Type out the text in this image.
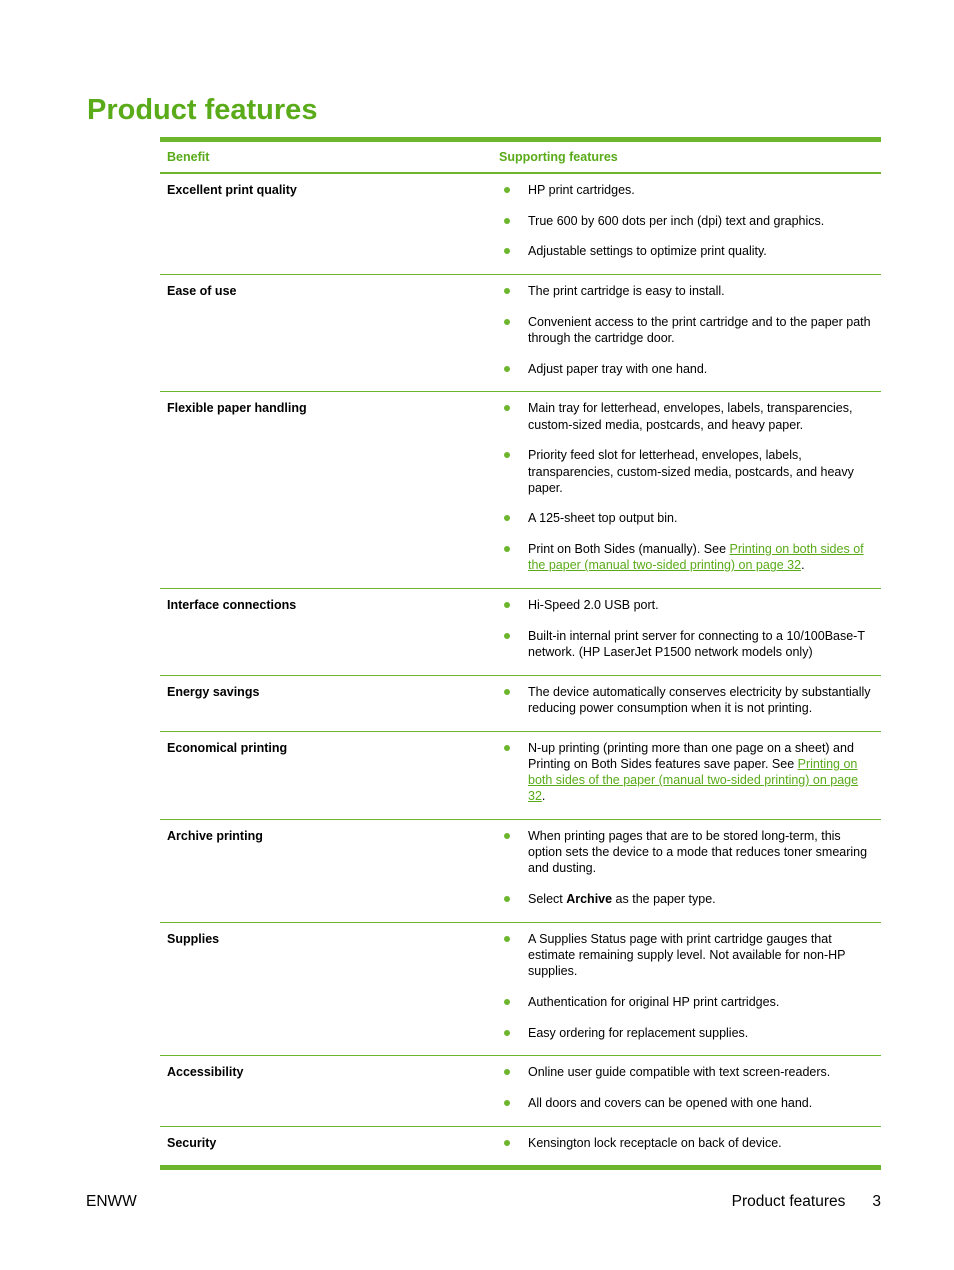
Product features
Benefit	Supporting features
Excellent print quality	HP print cartridges.
True 600 by 600 dots per inch (dpi) text and graphics.
Adjustable settings to optimize print quality.
Ease of use	The print cartridge is easy to install.
Convenient access to the print cartridge and to the paper path through the cartridge door.
Adjust paper tray with one hand.
Flexible paper handling	Main tray for letterhead, envelopes, labels, transparencies, custom-sized media, postcards, and heavy paper.
Priority feed slot for letterhead, envelopes, labels, transparencies, custom-sized media, postcards, and heavy paper.
A 125-sheet top output bin.
Print on Both Sides (manually). See Printing on both sides of the paper (manual two-sided printing) on page 32.
Interface connections	Hi-Speed 2.0 USB port.
Built-in internal print server for connecting to a 10/100Base-T network. (HP LaserJet P1500 network models only)
Energy savings	The device automatically conserves electricity by substantially reducing power consumption when it is not printing.
Economical printing	N-up printing (printing more than one page on a sheet) and Printing on Both Sides features save paper. See Printing on both sides of the paper (manual two-sided printing) on page 32.
Archive printing	When printing pages that are to be stored long-term, this option sets the device to a mode that reduces toner smearing and dusting.
Select Archive as the paper type.
Supplies	A Supplies Status page with print cartridge gauges that estimate remaining supply level. Not available for non-HP supplies.
Authentication for original HP print cartridges.
Easy ordering for replacement supplies.
Accessibility	Online user guide compatible with text screen-readers.
All doors and covers can be opened with one hand.
Security	Kensington lock receptacle on back of device.
ENWW	Product features 3
